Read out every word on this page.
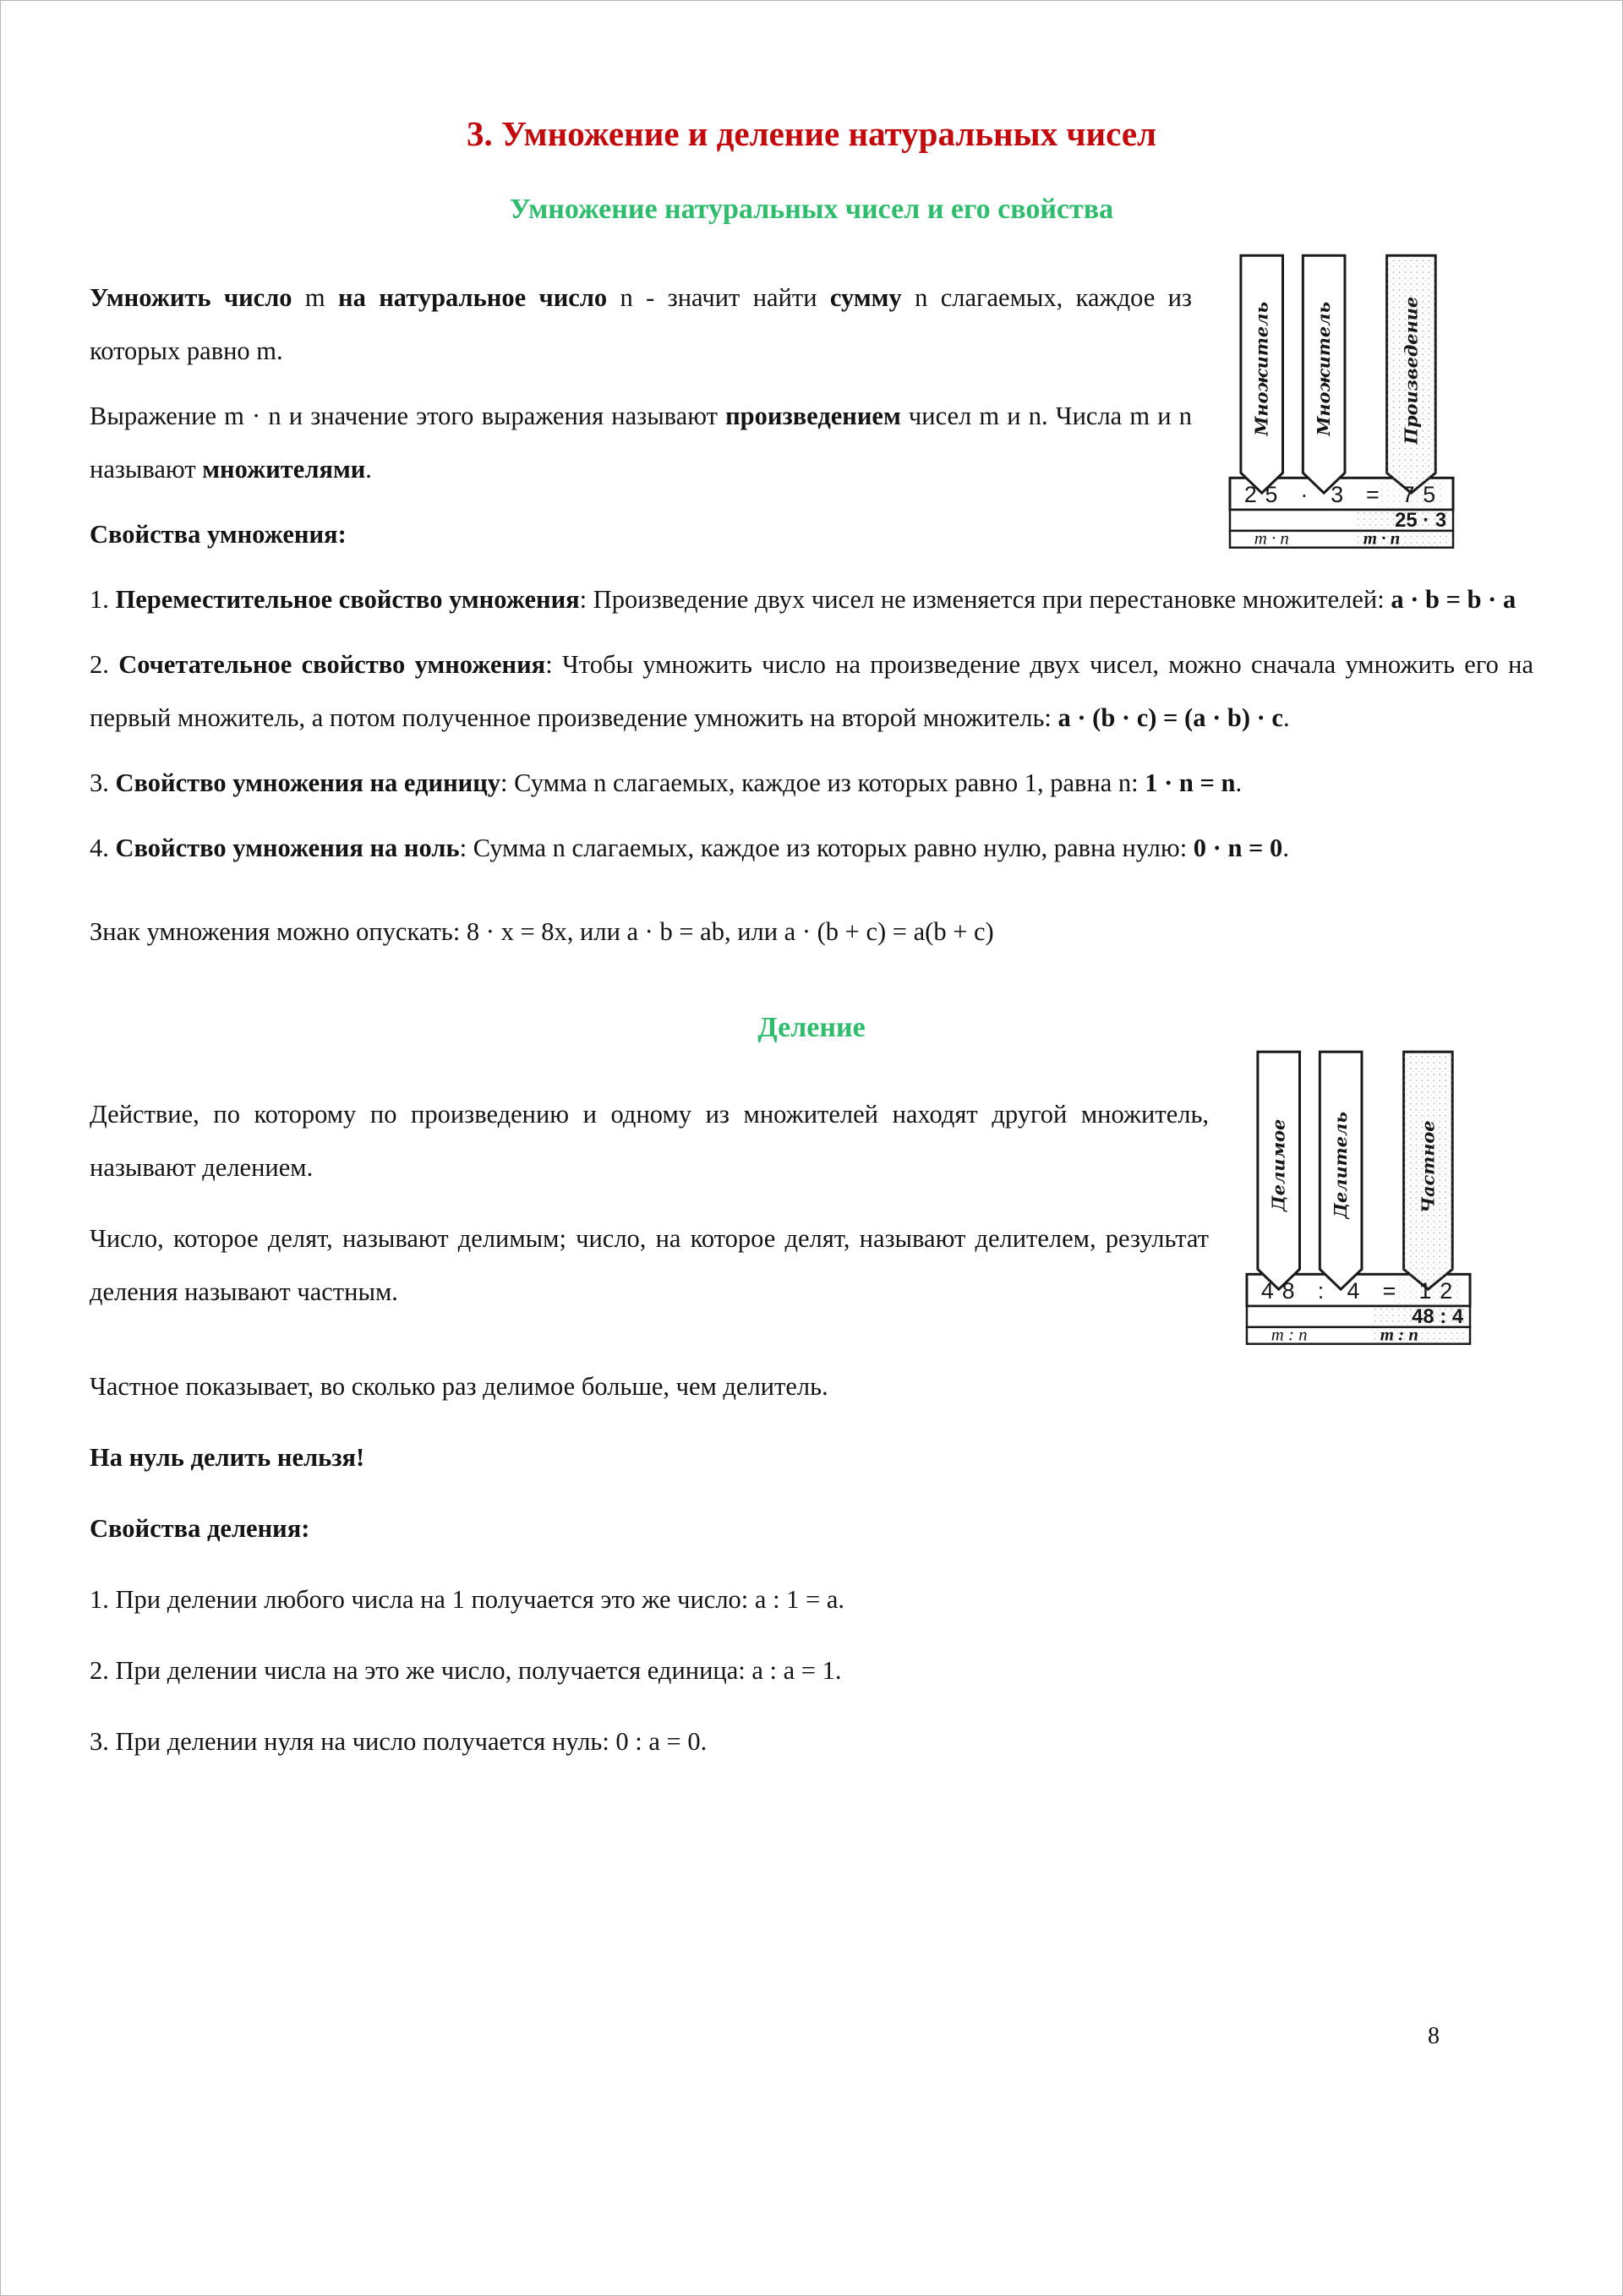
3. Умножение и деление натуральных чисел
Умножение натуральных чисел и его свойства
Множитель Множитель	Произведение
25 · 3 = 75
25 · 3
m · n	m · n

Умножить число m на натуральное число n - значит найти сумму n слагаемых, каждое из которых равно m.

Выражение m · n и значение этого выражения называют произведением чисел m и n. Числа m и n называют множителями.

Свойства умножения:

1. Переместительное свойство умножения: Произведение двух чисел не изменяется при перестановке множителей: a · b = b · a

2. Сочетательное свойство умножения: Чтобы умножить число на произведение двух чисел, можно сначала умножить его на первый множитель, а потом полученное произведение умножить на второй множитель: a · (b · c) = (a · b) · c.

3. Свойство умножения на единицу: Сумма n слагаемых, каждое из которых равно 1, равна n: 1 · n = n.

4. Свойство умножения на ноль: Сумма n слагаемых, каждое из которых равно нулю, равна нулю: 0 · n = 0.

Знак умножения можно опускать: 8 · x = 8x, или a · b = ab, или a · (b + c) = a(b + c)

Деление
Делимое Делитель	Частное
48 : 4 = 12
48 : 4
m : n	m : n

Действие, по которому по произведению и одному из множителей находят другой множитель, называют делением.

Число, которое делят, называют делимым; число, на которое делят, называют делителем, результат деления называют частным.

Частное показывает, во сколько раз делимое больше, чем делитель.

На нуль делить нельзя!

Свойства деления:

1. При делении любого числа на 1 получается это же число: a : 1 = a.

2. При делении числа на это же число, получается единица: a : a = 1.

3. При делении нуля на число получается нуль: 0 : a = 0.

8
